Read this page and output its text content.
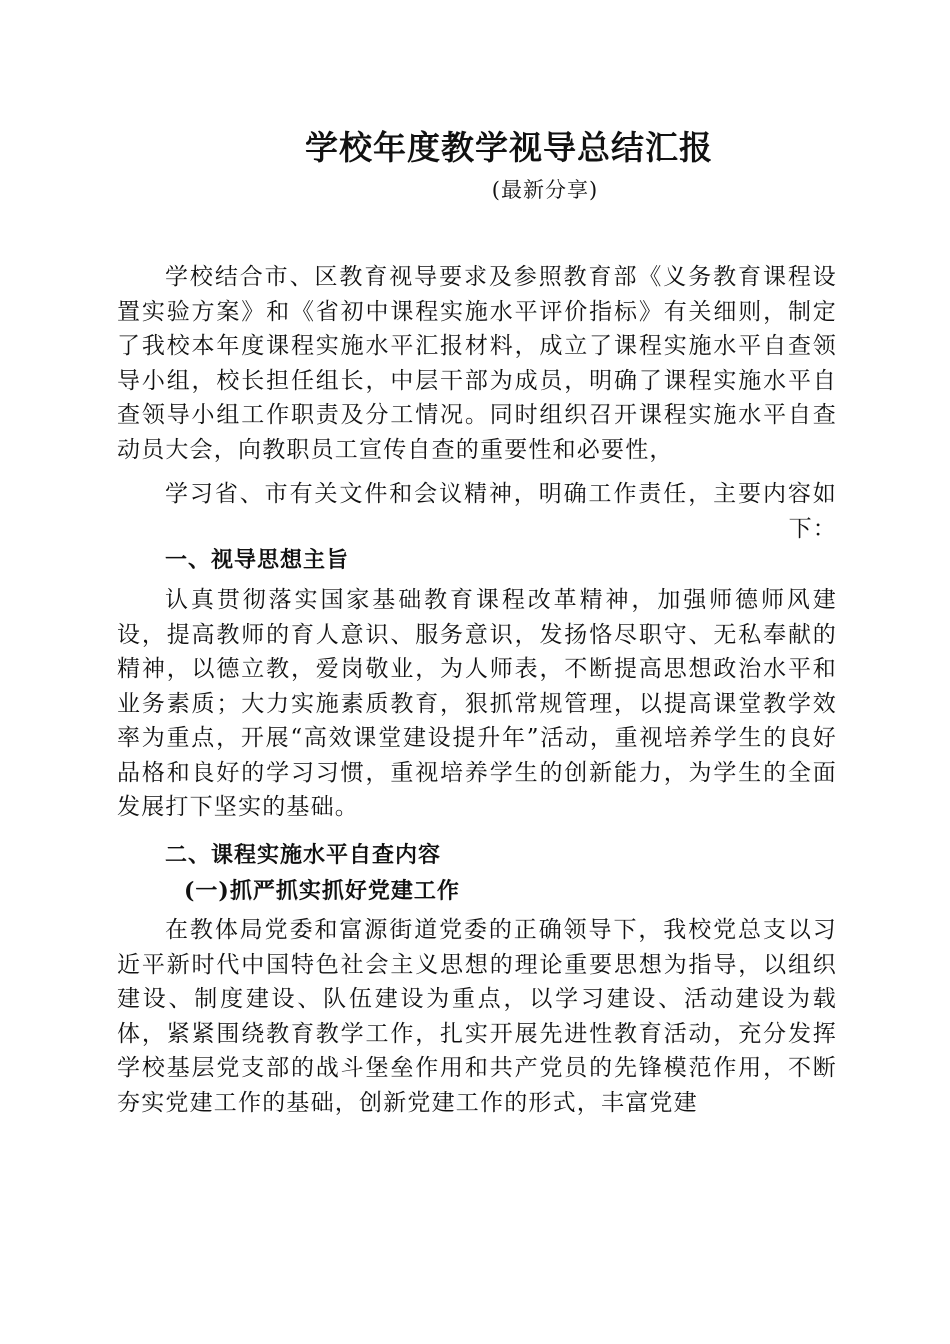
学校年度教学视导总结汇报
(最新分享)

学校结合市、区教育视导要求及参照教育部《义务教育课程设置实验方案》和《省初中课程实施水平评价指标》有关细则，制定了我校本年度课程实施水平汇报材料，成立了课程实施水平自查领导小组，校长担任组长，中层干部为成员，明确了课程实施水平自查领导小组工作职责及分工情况。同时组织召开课程实施水平自查动员大会，向教职员工宣传自查的重要性和必要性，

学习省、市有关文件和会议精神，明确工作责任，主要内容如下：

一、视导思想主旨

认真贯彻落实国家基础教育课程改革精神，加强师德师风建设，提高教师的育人意识、服务意识，发扬恪尽职守、无私奉献的精神，以德立教，爱岗敬业，为人师表，不断提高思想政治水平和业务素质；大力实施素质教育，狠抓常规管理，以提高课堂教学效率为重点，开展“高效课堂建设提升年”活动，重视培养学生的良好品格和良好的学习习惯，重视培养学生的创新能力，为学生的全面发展打下坚实的基础。

二、课程实施水平自查内容
(一)抓严抓实抓好党建工作

在教体局党委和富源街道党委的正确领导下，我校党总支以习近平新时代中国特色社会主义思想的理论重要思想为指导，以组织建设、制度建设、队伍建设为重点，以学习建设、活动建设为载体，紧紧围绕教育教学工作，扎实开展先进性教育活动，充分发挥学校基层党支部的战斗堡垒作用和共产党员的先锋模范作用，不断夯实党建工作的基础，创新党建工作的形式，丰富党建
